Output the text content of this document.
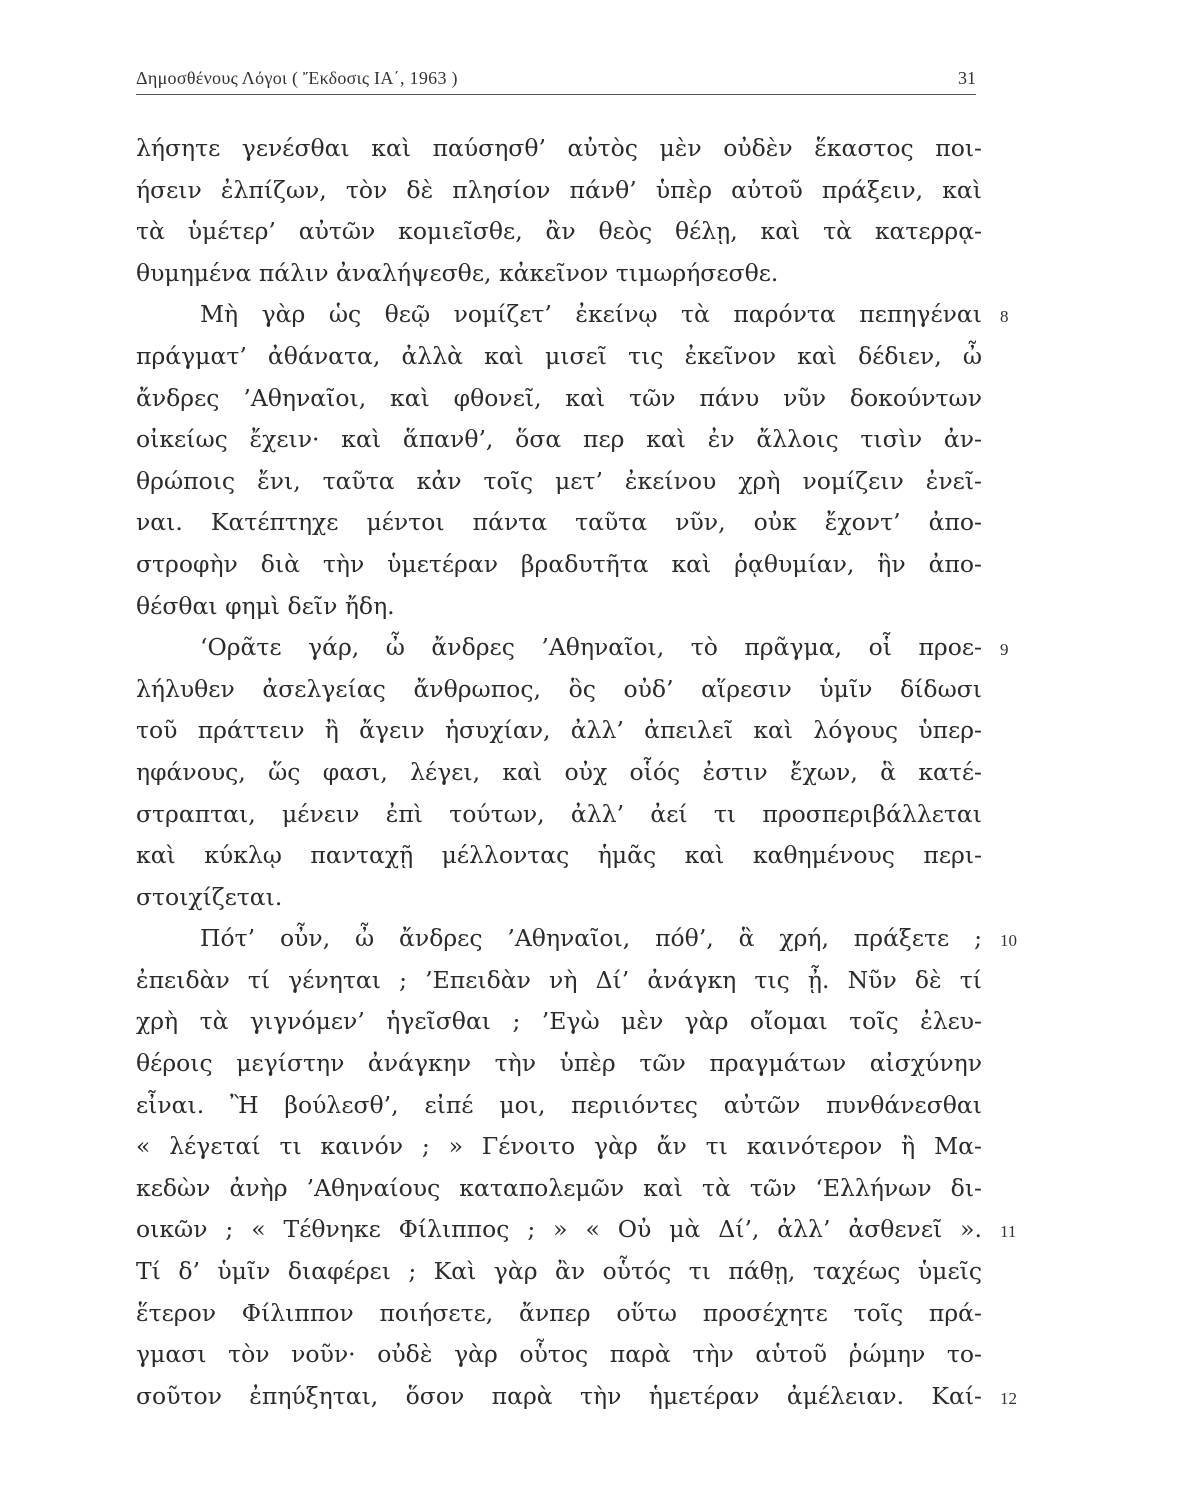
Δημοσθένους Λόγοι ( Ἔκδοσις ΙΑ΄, 1963 )	31
λήσητε γενέσθαι καὶ παύσησθ’ αὐτὸς μὲν οὐδὲν ἕκαστος ποι-
ήσειν ἐλπίζων, τὸν δὲ πλησίον πάνθ’ ὑπὲρ αὐτοῦ πράξειν, καὶ
τὰ ὑμέτερ’ αὐτῶν κομιεῖσθε, ἂν θεὸς θέλῃ, καὶ τὰ κατερρᾳ-
θυμημένα πάλιν ἀναλήψεσθε, κἀκεῖνον τιμωρήσεσθε.
Μὴ γὰρ ὡς θεῷ νομίζετ’ ἐκείνῳ τὰ παρόντα πεπηγέναι 8
πράγματ’ ἀθάνατα, ἀλλὰ καὶ μισεῖ τις ἐκεῖνον καὶ δέδιεν, ὦ
ἄνδρες ’Αθηναῖοι, καὶ φθονεῖ, καὶ τῶν πάνυ νῦν δοκούντων
οἰκείως ἔχειν· καὶ ἅπανθ’, ὅσα περ καὶ ἐν ἄλλοις τισὶν ἀν-
θρώποις ἔνι, ταῦτα κἀν τοῖς μετ’ ἐκείνου χρὴ νομίζειν ἐνεῖ-
ναι. Κατέπτηχε μέντοι πάντα ταῦτα νῦν, οὐκ ἔχοντ’ ἀπο-
στροφὴν διὰ τὴν ὑμετέραν βραδυτῆτα καὶ ῥᾳθυμίαν, ἣν ἀπο-
θέσθαι φημὶ δεῖν ἤδη.
‘Ορᾶτε γάρ, ὦ ἄνδρες ’Αθηναῖοι, τὸ πρᾶγμα, οἷ προε- 9
λήλυθεν ἀσελγείας ἄνθρωπος, ὃς οὐδ’ αἵρεσιν ὑμῖν δίδωσι
τοῦ πράττειν ἢ ἄγειν ἡσυχίαν, ἀλλ’ ἀπειλεῖ καὶ λόγους ὑπερ-
ηφάνους, ὥς φασι, λέγει, καὶ οὐχ οἷός ἐστιν ἔχων, ἃ κατέ-
στραπται, μένειν ἐπὶ τούτων, ἀλλ’ ἀεί τι προσπεριβάλλεται
καὶ κύκλῳ πανταχῇ μέλλοντας ἡμᾶς καὶ καθημένους περι-
στοιχίζεται.
Πότ’ οὖν, ὦ ἄνδρες ’Αθηναῖοι, πόθ’, ἃ χρή, πράξετε ; 10
ἐπειδὰν τί γένηται ; ’Επειδὰν νὴ Δί’ ἀνάγκη τις ᾖ. Νῦν δὲ τί
χρὴ τὰ γιγνόμεν’ ἡγεῖσθαι ; ’Εγὼ μὲν γὰρ οἴομαι τοῖς ἐλευ-
θέροις μεγίστην ἀνάγκην τὴν ὑπὲρ τῶν πραγμάτων αἰσχύνην
εἶναι. Ἢ βούλεσθ’, εἰπέ μοι, περιιόντες αὐτῶν πυνθάνεσθαι
« λέγεταί τι καινόν ; » Γένοιτο γὰρ ἄν τι καινότερον ἢ Μα-
κεδὼν ἀνὴρ ’Αθηναίους καταπολεμῶν καὶ τὰ τῶν ‘Ελλήνων δι-
οικῶν ; « Τέθνηκε Φίλιππος ; » « Οὐ μὰ Δί’, ἀλλ’ ἀσθενεῖ ». 11
Τί δ’ ὑμῖν διαφέρει ; Καὶ γὰρ ἂν οὗτός τι πάθῃ, ταχέως ὑμεῖς
ἕτερον Φίλιππον ποιήσετε, ἄνπερ οὕτω προσέχητε τοῖς πρά-
γμασι τὸν νοῦν· οὐδὲ γὰρ οὗτος παρὰ τὴν αὑτοῦ ῥώμην το-
σοῦτον ἐπηύξηται, ὅσον παρὰ τὴν ἡμετέραν ἀμέλειαν. Καί- 12
